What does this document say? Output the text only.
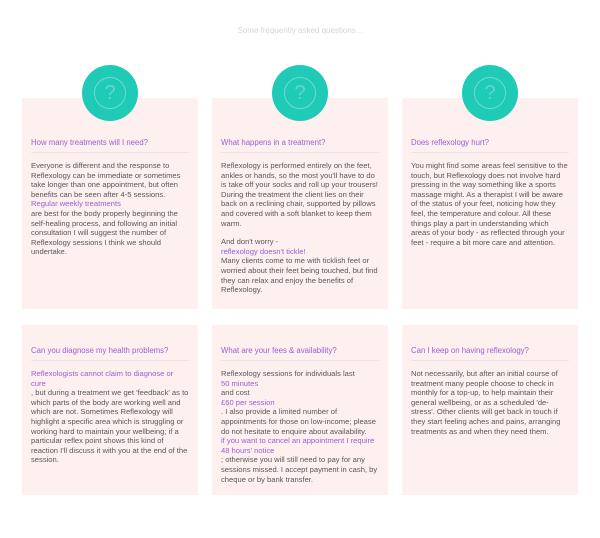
Some frequently asked questions...
How many treatments will I need?
Everyone is different and the response to Reflexology can be immediate or sometimes take longer than one appointment, but often benefits can be seen after 4-5 sessions.
Regular weekly treatments
are best for the body properly beginning the self-healing process, and following an initial consultation I will suggest the number of Reflexology sessions I think we should undertake.
What happens in a treatment?
Reflexology is performed entirely on the feet, ankles or hands, so the most you'll have to do is take off your socks and roll up your trousers! During the treatment the client lies on their back on a reclining chair, supported by pillows and covered with a soft blanket to keep them warm.
And don't worry -
reflexology doesn't tickle!
Many clients come to me with ticklish feet or worried about their feet being touched, but find they can relax and enjoy the benefits of Reflexology.
Does reflexology hurt?
You might find some areas feel sensitive to the touch, but Reflexology does not involve hard pressing in the way something like a sports massage might. As a therapist I will be aware of the status of your feet, noticing how they feel, the temperature and colour. All these things play a part in understanding which areas of your body - as reflected through your feet - require a bit more care and attention.
Can you diagnose my health problems?
Reflexologists cannot claim to diagnose or cure
, but during a treatment we get 'feedback' as to which parts of the body are working well and which are not. Sometimes Reflexology will highlight a specific area which is struggling or working hard to maintain your wellbeing; if a particular reflex point shows this kind of reaction I'll discuss it with you at the end of the session.
What are your fees & availability?
Reflexology sessions for individuals last
50 minutes
and cost
£60 per session
. I also provide a limited number of appointments for those on low-income; please do not hesitate to enquire about availability.
if you want to cancel an appointment I require 48 hours' notice
; otherwise you will still need to pay for any sessions missed. I accept payment in cash, by cheque or by bank transfer.
Can I keep on having reflexology?
Not necessarily, but after an initial course of treatment many people choose to check in monthly for a top-up, to help maintain their general wellbeing, or as a scheduled 'de-stress'. Other clients will get back in touch if they start feeling aches and pains, arranging treatments as and when they need them.
?	?	?
